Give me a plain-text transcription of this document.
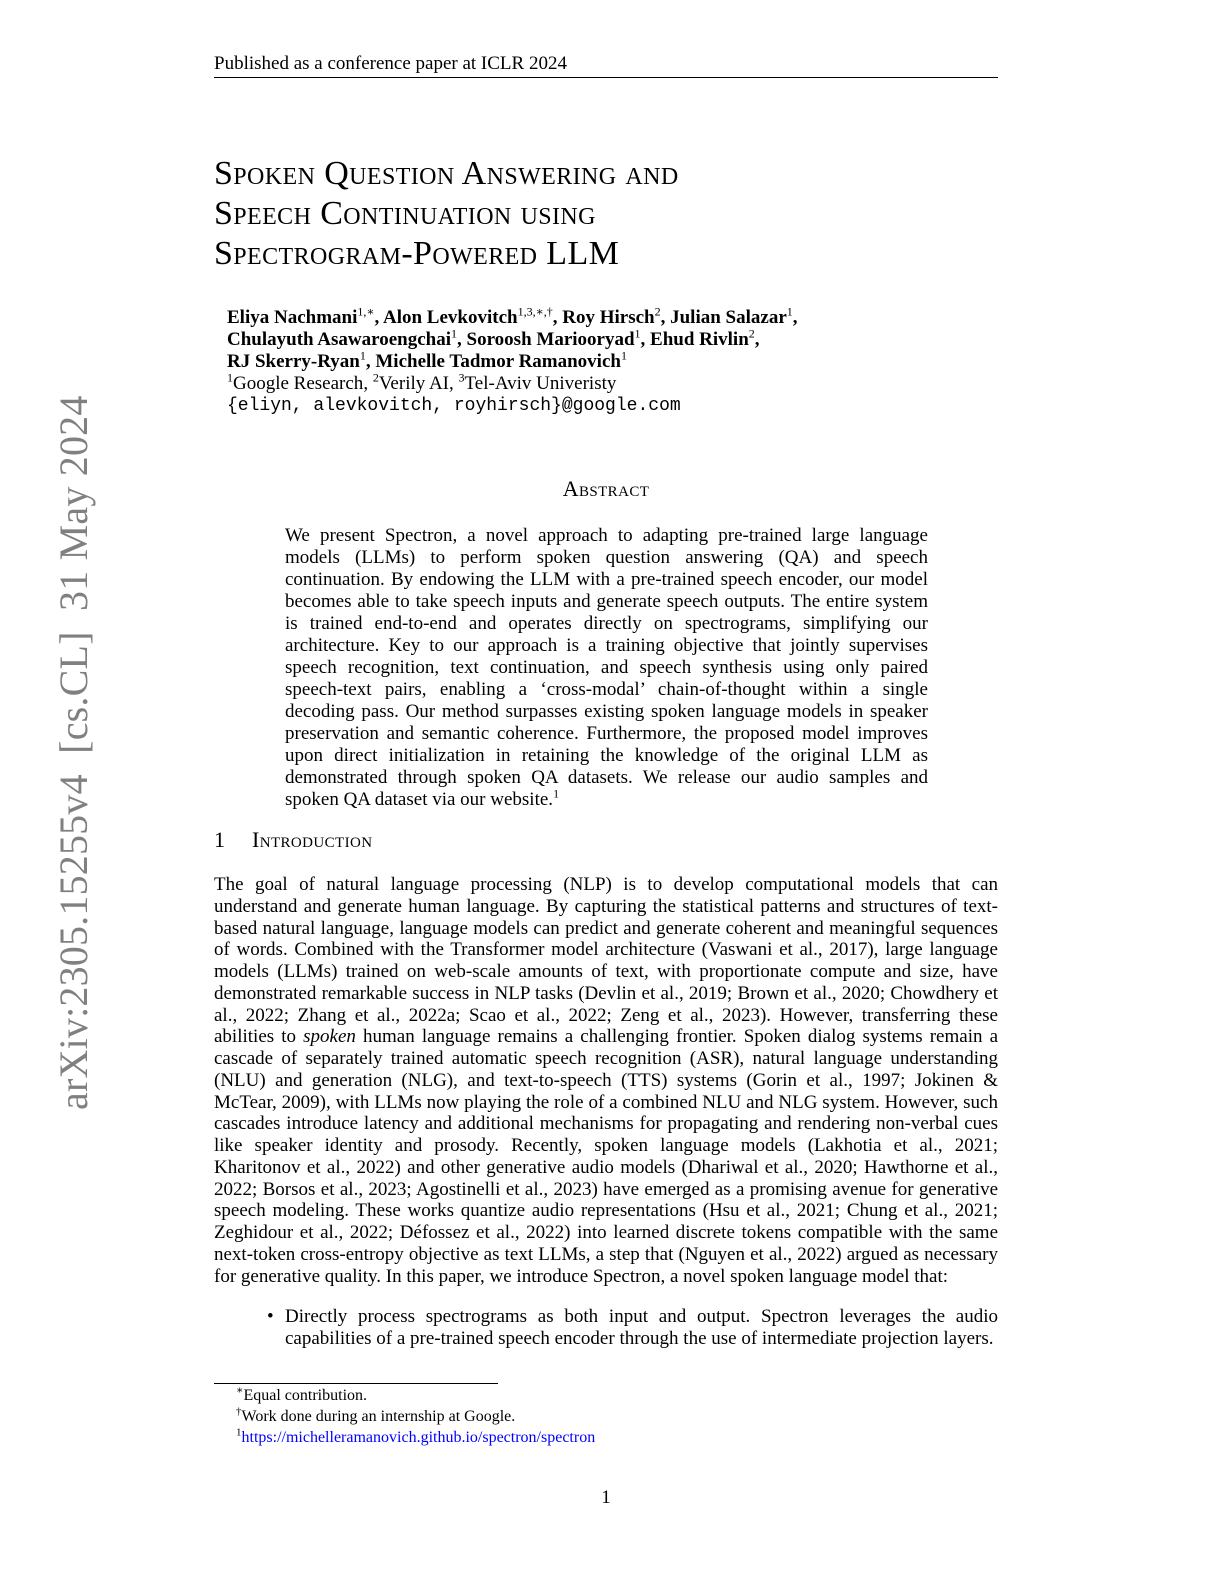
Published as a conference paper at ICLR 2024
arXiv:2305.15255v4  [cs.CL]  31 May 2024
Spoken Question Answering and
Speech Continuation using
Spectrogram-Powered LLM
Eliya Nachmani$^{1,∗}$, Alon Levkovitch$^{1,3,∗,\dagger}$, Roy Hirsch$^2$, Julian Salazar$^1$,
Chulayuth Asawaroengchai$^1$, Soroosh Mariooryad$^1$, Ehud Rivlin$^2$,
RJ Skerry-Ryan$^1$, Michelle Tadmor Ramanovich$^1$
$^1$Google Research, $^2$Verily AI, $^3$Tel-Aviv Univeristy
{eliyn, alevkovitch, royhirsch}@google.com
Abstract
We present Spectron, a novel approach to adapting pre-trained large language models (LLMs) to perform spoken question answering (QA) and speech continuation. By endowing the LLM with a pre-trained speech encoder, our model becomes able to take speech inputs and generate speech outputs. The entire system is trained end-to-end and operates directly on spectrograms, simplifying our architecture. Key to our approach is a training objective that jointly supervises speech recognition, text continuation, and speech synthesis using only paired speech-text pairs, enabling a ‘cross-modal’ chain-of-thought within a single decoding pass. Our method surpasses existing spoken language models in speaker preservation and semantic coherence. Furthermore, the proposed model improves upon direct initialization in retaining the knowledge of the original LLM as demonstrated through spoken QA datasets. We release our audio samples and spoken QA dataset via our website.$^1$
1 Introduction
The goal of natural language processing (NLP) is to develop computational models that can understand and generate human language. By capturing the statistical patterns and structures of text-based natural language, language models can predict and generate coherent and meaningful sequences of words. Combined with the Transformer model architecture (Vaswani et al., 2017), large language models (LLMs) trained on web-scale amounts of text, with proportionate compute and size, have demonstrated remarkable success in NLP tasks (Devlin et al., 2019; Brown et al., 2020; Chowdhery et al., 2022; Zhang et al., 2022a; Scao et al., 2022; Zeng et al., 2023). However, transferring these abilities to spoken human language remains a challenging frontier. Spoken dialog systems remain a cascade of separately trained automatic speech recognition (ASR), natural language understanding (NLU) and generation (NLG), and text-to-speech (TTS) systems (Gorin et al., 1997; Jokinen & McTear, 2009), with LLMs now playing the role of a combined NLU and NLG system. However, such cascades introduce latency and additional mechanisms for propagating and rendering non-verbal cues like speaker identity and prosody. Recently, spoken language models (Lakhotia et al., 2021; Kharitonov et al., 2022) and other generative audio models (Dhariwal et al., 2020; Hawthorne et al., 2022; Borsos et al., 2023; Agostinelli et al., 2023) have emerged as a promising avenue for generative speech modeling. These works quantize audio representations (Hsu et al., 2021; Chung et al., 2021; Zeghidour et al., 2022; Défossez et al., 2022) into learned discrete tokens compatible with the same next-token cross-entropy objective as text LLMs, a step that (Nguyen et al., 2022) argued as necessary for generative quality. In this paper, we introduce Spectron, a novel spoken language model that:
• Directly process spectrograms as both input and output. Spectron leverages the audio capabilities of a pre-trained speech encoder through the use of intermediate projection layers.
∗Equal contribution.
†Work done during an internship at Google.
$^1$https://michelleramanovich.github.io/spectron/spectron
1
